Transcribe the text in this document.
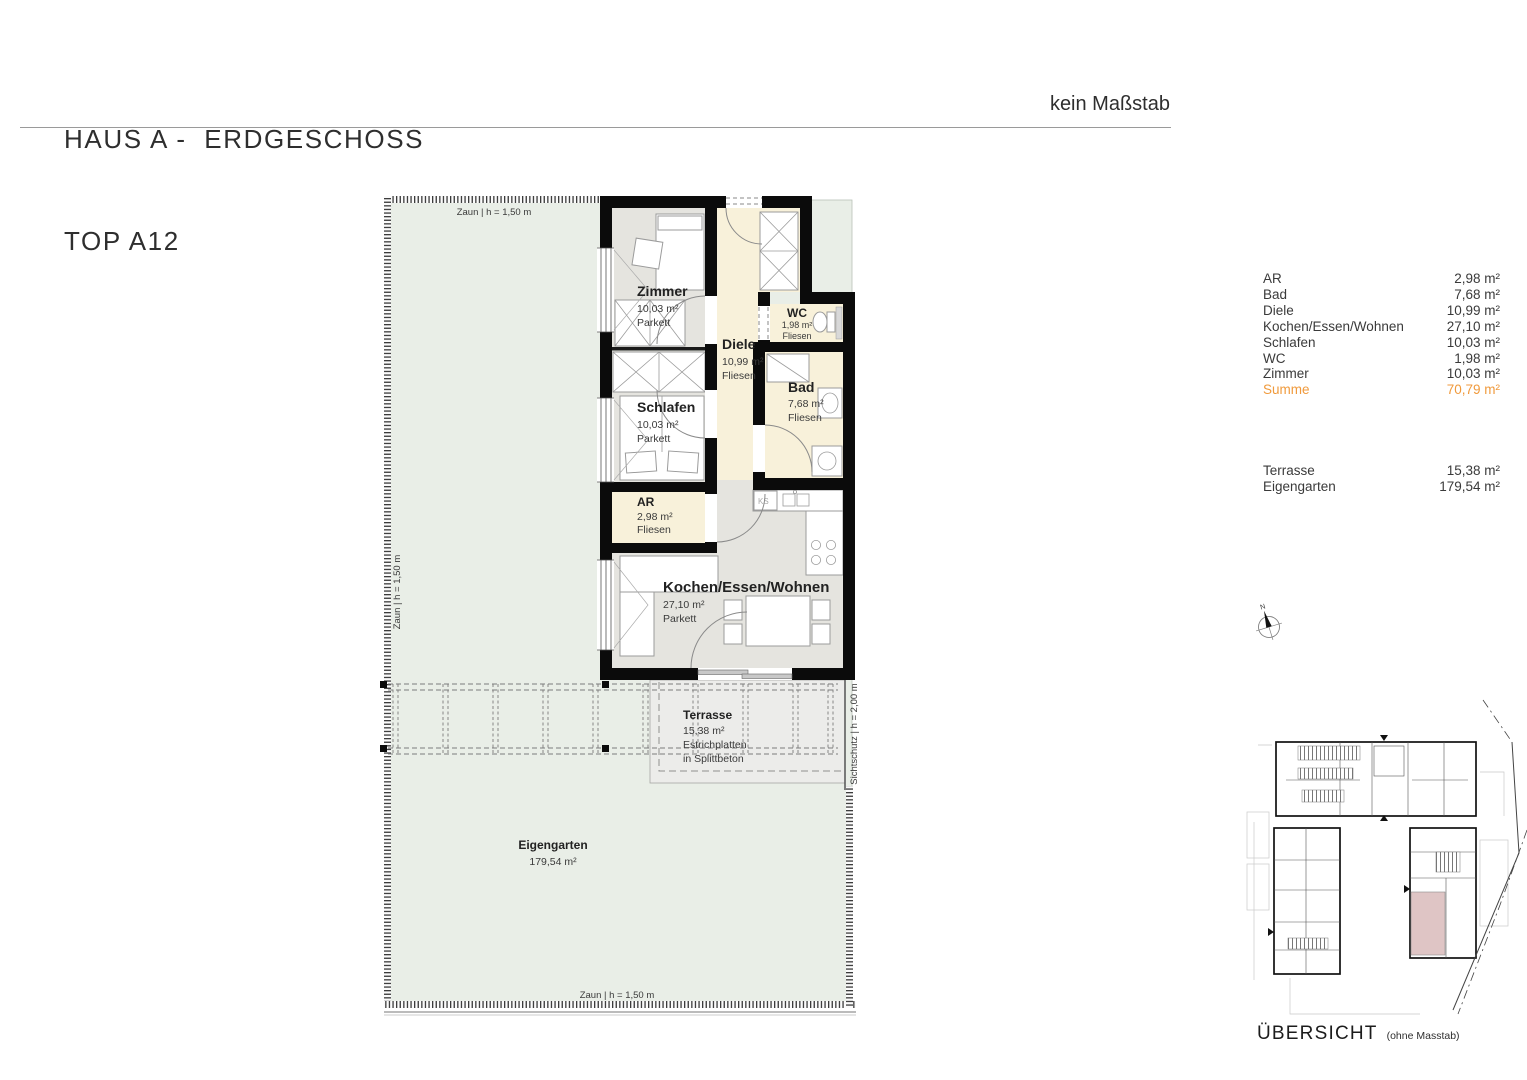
HAUS A -  ERDGESCHOSS

TOP A12

kein Maßstab
Sichtschutz | h = 2,00 m
KS
Zimmer
10,03 m²
Parkett
Diele
10,99 m²
Fliesen
WC
1,98 m²
Fliesen
Bad
7,68 m²
Fliesen
Schlafen
10,03 m²
Parkett
AR
2,98 m²
Fliesen
Kochen/Essen/Wohnen
27,10 m²
Parkett
Terrasse
15,38 m²
Estrichplatten
in Splittbeton
Eigengarten
179,54 m²
Zaun | h = 1,50 m
Zaun | h = 1,50 m
Zaun | h = 1,50 m
N
AR	2,98 m²
Bad	7,68 m²
Diele	10,99 m²
Kochen/Essen/Wohnen	27,10 m²
Schlafen	10,03 m²
WC	1,98 m²
Zimmer	10,03 m²
Summe	70,79 m²
Terrasse	15,38 m²
Eigengarten	179,54 m²
ÜBERSICHT (ohne Masstab)
